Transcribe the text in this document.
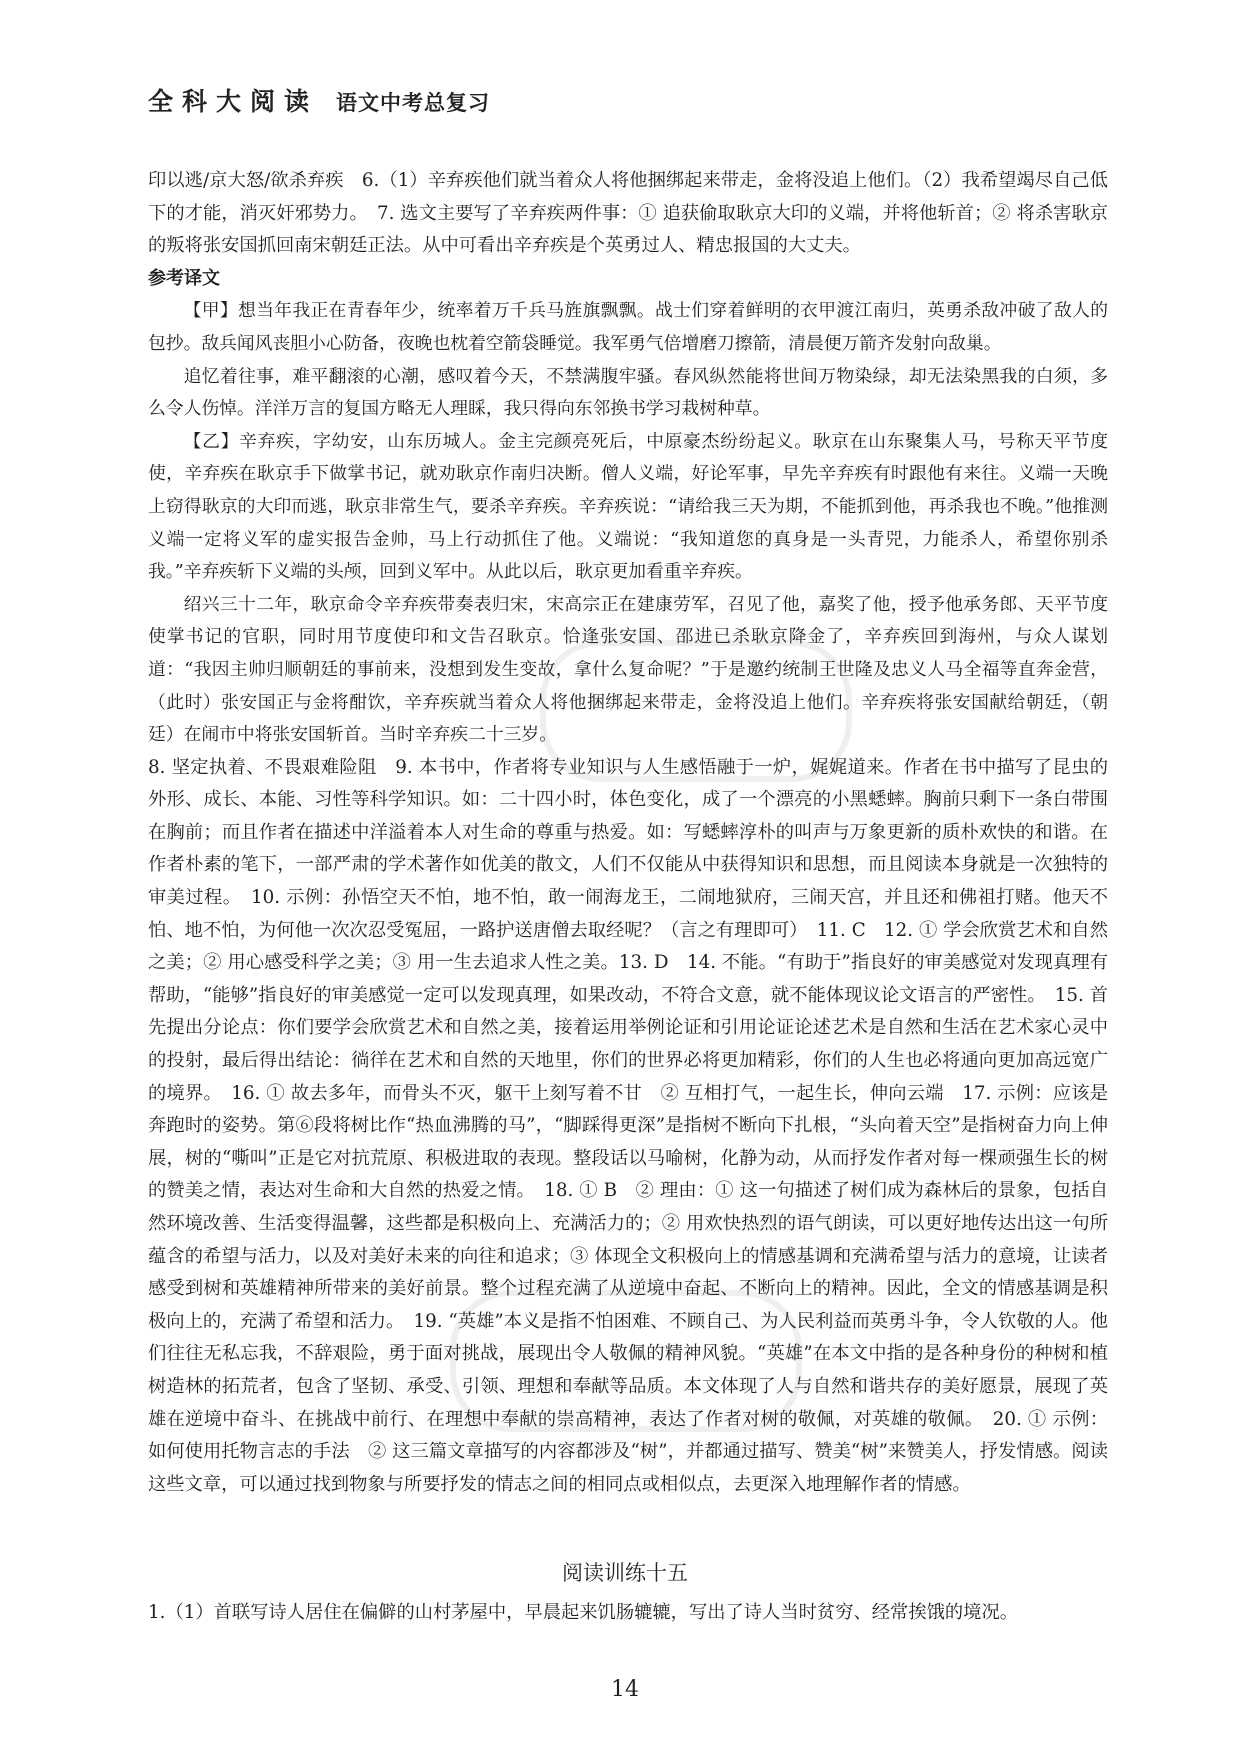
全科大阅读 语文中考总复习

印以逃/京大怒/欲杀弃疾　6.（1）辛弃疾他们就当着众人将他捆绑起来带走，金将没追上他们。（2）我希望竭尽自己低下的才能，消灭奸邪势力。　7. 选文主要写了辛弃疾两件事：① 追获偷取耿京大印的义端，并将他斩首；② 将杀害耿京的叛将张安国抓回南宋朝廷正法。从中可看出辛弃疾是个英勇过人、精忠报国的大丈夫。

参考译文

【甲】想当年我正在青春年少，统率着万千兵马旌旗飘飘。战士们穿着鲜明的衣甲渡江南归，英勇杀敌冲破了敌人的包抄。敌兵闻风丧胆小心防备，夜晚也枕着空箭袋睡觉。我军勇气倍增磨刀擦箭，清晨便万箭齐发射向敌巢。

追忆着往事，难平翻滚的心潮，感叹着今天，不禁满腹牢骚。春风纵然能将世间万物染绿，却无法染黑我的白须，多么令人伤悼。洋洋万言的复国方略无人理睬，我只得向东邻换书学习栽树种草。

【乙】辛弃疾，字幼安，山东历城人。金主完颜亮死后，中原豪杰纷纷起义。耿京在山东聚集人马，号称天平节度使，辛弃疾在耿京手下做掌书记，就劝耿京作南归决断。僧人义端，好论军事，早先辛弃疾有时跟他有来往。义端一天晚上窃得耿京的大印而逃，耿京非常生气，要杀辛弃疾。辛弃疾说：“请给我三天为期，不能抓到他，再杀我也不晚。”他推测义端一定将义军的虚实报告金帅，马上行动抓住了他。义端说：“我知道您的真身是一头青兕，力能杀人，希望你别杀我。”辛弃疾斩下义端的头颅，回到义军中。从此以后，耿京更加看重辛弃疾。

绍兴三十二年，耿京命令辛弃疾带奏表归宋，宋高宗正在建康劳军，召见了他，嘉奖了他，授予他承务郎、天平节度使掌书记的官职，同时用节度使印和文告召耿京。恰逢张安国、邵进已杀耿京降金了，辛弃疾回到海州，与众人谋划道：“我因主帅归顺朝廷的事前来，没想到发生变故，拿什么复命呢？”于是邀约统制王世隆及忠义人马全福等直奔金营，（此时）张安国正与金将酣饮，辛弃疾就当着众人将他捆绑起来带走，金将没追上他们。辛弃疾将张安国献给朝廷，（朝廷）在闹市中将张安国斩首。当时辛弃疾二十三岁。

8. 坚定执着、不畏艰难险阻　9. 本书中，作者将专业知识与人生感悟融于一炉，娓娓道来。作者在书中描写了昆虫的外形、成长、本能、习性等科学知识。如：二十四小时，体色变化，成了一个漂亮的小黑蟋蟀。胸前只剩下一条白带围在胸前；而且作者在描述中洋溢着本人对生命的尊重与热爱。如：写蟋蟀淳朴的叫声与万象更新的质朴欢快的和谐。在作者朴素的笔下，一部严肃的学术著作如优美的散文，人们不仅能从中获得知识和思想，而且阅读本身就是一次独特的审美过程。　10. 示例：孙悟空天不怕，地不怕，敢一闹海龙王，二闹地狱府，三闹天宫，并且还和佛祖打赌。他天不怕、地不怕，为何他一次次忍受冤屈，一路护送唐僧去取经呢？（言之有理即可）　11. C　12. ① 学会欣赏艺术和自然之美；② 用心感受科学之美；③ 用一生去追求人性之美。13. D　14. 不能。“有助于”指良好的审美感觉对发现真理有帮助，“能够”指良好的审美感觉一定可以发现真理，如果改动，不符合文意，就不能体现议论文语言的严密性。　15. 首先提出分论点：你们要学会欣赏艺术和自然之美，接着运用举例论证和引用论证论述艺术是自然和生活在艺术家心灵中的投射，最后得出结论：徜徉在艺术和自然的天地里，你们的世界必将更加精彩，你们的人生也必将通向更加高远宽广的境界。　16. ① 故去多年，而骨头不灭，躯干上刻写着不甘　② 互相打气，一起生长，伸向云端　17. 示例：应该是奔跑时的姿势。第⑥段将树比作“热血沸腾的马”，“脚踩得更深”是指树不断向下扎根，“头向着天空”是指树奋力向上伸展，树的“嘶叫”正是它对抗荒原、积极进取的表现。整段话以马喻树，化静为动，从而抒发作者对每一棵顽强生长的树的赞美之情，表达对生命和大自然的热爱之情。　18. ① B　② 理由：① 这一句描述了树们成为森林后的景象，包括自然环境改善、生活变得温馨，这些都是积极向上、充满活力的；② 用欢快热烈的语气朗读，可以更好地传达出这一句所蕴含的希望与活力，以及对美好未来的向往和追求；③ 体现全文积极向上的情感基调和充满希望与活力的意境，让读者感受到树和英雄精神所带来的美好前景。整个过程充满了从逆境中奋起、不断向上的精神。因此，全文的情感基调是积极向上的，充满了希望和活力。　19. “英雄”本义是指不怕困难、不顾自己、为人民利益而英勇斗争，令人钦敬的人。他们往往无私忘我，不辞艰险，勇于面对挑战，展现出令人敬佩的精神风貌。“英雄”在本文中指的是各种身份的种树和植树造林的拓荒者，包含了坚韧、承受、引领、理想和奉献等品质。本文体现了人与自然和谐共存的美好愿景，展现了英雄在逆境中奋斗、在挑战中前行、在理想中奉献的崇高精神，表达了作者对树的敬佩，对英雄的敬佩。　20. ① 示例：如何使用托物言志的手法　② 这三篇文章描写的内容都涉及“树”，并都通过描写、赞美“树”来赞美人，抒发情感。阅读这些文章，可以通过找到物象与所要抒发的情志之间的相同点或相似点，去更深入地理解作者的情感。

阅读训练十五
1.（1）首联写诗人居住在偏僻的山村茅屋中，早晨起来饥肠辘辘，写出了诗人当时贫穷、经常挨饿的境况。
14
